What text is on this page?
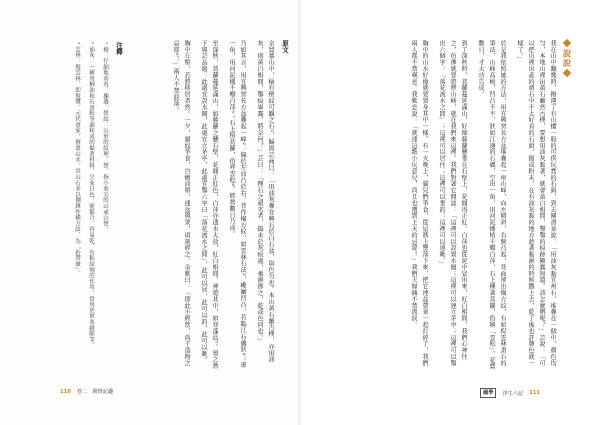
說說

我在山中翻幾時，撥運了有山樓一般的可供玩賞的石頭，到去園盡景說：「用油灰黏宜州石，堆疊在一個中，顏色均勻，本地山裡出黃石雖然古樸，要想用油灰黏著，就會黃白相間，鑿鑿的痕跡顯露無遺。該怎麼辦呢？」芸說：「可以把山裡出產的頑石中不太好看的石頭，搗成粉末，在有油灰黏的地方趁著黏濕的時候撒上去，乾了後也許顏色就一樣了。」

於是我依照她的方法，用宜興窯長方盆堆疊起一座山峰，向左傾斜，右側凸起，背面卻出橫方紋，有如倪雲林畫石的筆法，山峰高峻，凹凸不平，狀如江邊的石磯，空出一角，用河泥種植千瓣白萍，石上種著蔦蘿，俗稱「雲松」。花費數日，才大功告成。

到了深秋時，蔦蘿蔓延滿山，好像藤蘿懸垂在石壁上，花開得正紅。白萍也從泥中冒出來，紅白相間。我們心神往之，彷彿就要遊歷山峰，就在我們來這裡。我們對著它閒談：「這裡可以設置水閣；這裡可以建立茅亭；這裡可以鑿出六個字：『落花流水之間』；這裡可以居住；這裡可以垂釣；這裡可以遠眺。」

胸中的山水好像就要置身其中一樣。有一天晚上，貓兒們爭食，從屋簷上墜落下來，把它連盆帶景一起打碎了，我們兩人都不禁嘆息。我歎息說：「就連這點小玩意兒，尚且也遭到上天的忌諱！」我們夫婦倆不禁流淚。

原文

余買墓山中，檢有巒紋可觀之石¹，歸與芸商曰：「用油灰疊宜興石於白石盆，取色匀也。本山黃石雖古樸，亦用油灰，則黃白相間，鑿痕畢露，將奈何？」芸曰：「擇石之頑劣者，搗末於灰痕處，乘濕摻之，乾或色同也。」

乃如其言，用宜興窯長方盆疊起一峰²：偏於左而凸於右，背作橫方紋，如雲林石法³，巉巖凹凸，若臨江石磯狀⁴；虛一角，用河泥種千瓣白萍⁵；石上植蔦蘿，俗呼雲松⁶。經營數日乃成。

至深秋，蔦蘿蔓延滿山，如藤蘿之懸石壁，花開正紅色，白萍亦透水大放，紅白相間。神遊其中，如登蓬島⁷。置之簷下與芸品題：此處宜設水閣，此處宜立茅亭，此處宜鑿六字曰「落花流水之間」，此可以居，此可以釣，此可以眺。

胸中丘壑，若將移居者然。一夕，貓奴爭食，自檐而墮，連盆與架，頃刻碎之。余歎曰：「即此小經營，尚干造物之忌耶¹！」兩人不禁淚落。

注釋

¹ 檢：仔細地查看，揀選。巒紋：山形的紋理，巒，指小而尖的山或山巒。

² 油灰：一種用桐油和石膏粉等調和成的黏著材料，呈灰白色，能黏合、容易乾，有粘結劑的作用。常用於填塞縫隙等。

³ 雲林：倪雲林，即倪瓚，元代畫家，擅畫山水，其山石多以側鋒作橫方紋，為「折帶皴」。

110 卷二　閑情記趣	國學	浮生六記 111
